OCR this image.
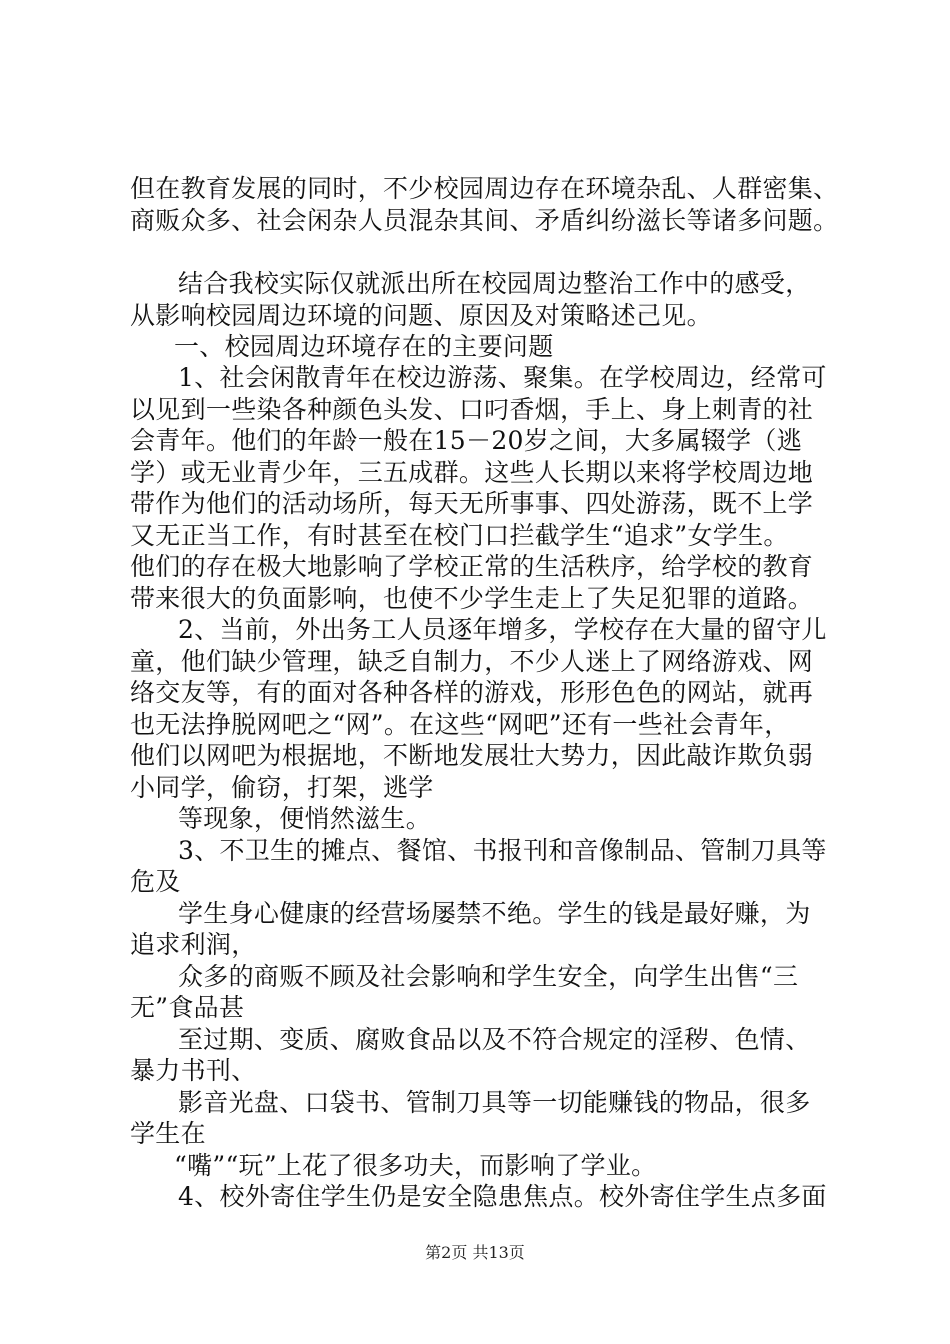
但在教育发展的同时，不少校园周边存在环境杂乱、人群密集、
商贩众多、社会闲杂人员混杂其间、矛盾纠纷滋长等诸多问题。
结合我校实际仅就派出所在校园周边整治工作中的感受，
从影响校园周边环境的问题、原因及对策略述己见。
一、校园周边环境存在的主要问题
1、社会闲散青年在校边游荡、聚集。在学校周边，经常可
以见到一些染各种颜色头发、口叼香烟，手上、身上刺青的社
会青年。他们的年龄一般在15－20岁之间，大多属辍学（逃
学）或无业青少年，三五成群。这些人长期以来将学校周边地
带作为他们的活动场所，每天无所事事、四处游荡，既不上学
又无正当工作，有时甚至在校门口拦截学生“追求”女学生。
他们的存在极大地影响了学校正常的生活秩序，给学校的教育
带来很大的负面影响，也使不少学生走上了失足犯罪的道路。
2、当前，外出务工人员逐年增多，学校存在大量的留守儿
童，他们缺少管理，缺乏自制力，不少人迷上了网络游戏、网
络交友等，有的面对各种各样的游戏，形形色色的网站，就再
也无法挣脱网吧之“网”。在这些“网吧”还有一些社会青年，
他们以网吧为根据地，不断地发展壮大势力，因此敲诈欺负弱
小同学，偷窃，打架，逃学
等现象，便悄然滋生。
3、不卫生的摊点、餐馆、书报刊和音像制品、管制刀具等
危及
学生身心健康的经营场屡禁不绝。学生的钱是最好赚，为
追求利润，
众多的商贩不顾及社会影响和学生安全，向学生出售“三
无”食品甚
至过期、变质、腐败食品以及不符合规定的淫秽、色情、
暴力书刊、
影音光盘、口袋书、管制刀具等一切能赚钱的物品，很多
学生在
“嘴”“玩”上花了很多功夫，而影响了学业。
4、校外寄住学生仍是安全隐患焦点。校外寄住学生点多面
第2页 共13页
